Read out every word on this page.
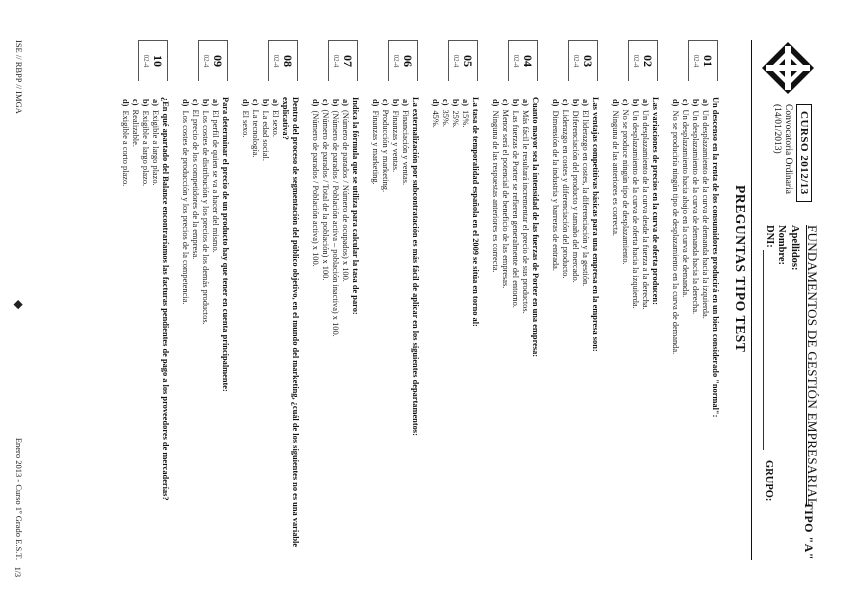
CURSO 2012/13
Convocatoria Ordinaria (14/01/2013)
FUNDAMENTOS DE GESTIÓN EMPRESARIAL
TIPO "A"
Apellidos:
Nombre:
DNI:
GRUPO:
PREGUNTAS TIPO TEST
01
02-4
Un descenso en la renta de los consumidores producirá en un bien considerado "normal":
a)Un desplazamiento de la curva de demanda hacia la izquierda.
b)Un desplazamiento de la curva de demanda hacia la derecha.
c)Un desplazamiento hacia abajo en la curva de demanda.
d)No se produciría ningún tipo de desplazamiento en la curva de demanda.
02
02-4
Las variaciones de precios en la curva de oferta producen:
a)Un desplazamiento de la curva desde la fuerza a la derecha.
b)Un desplazamiento de la curva de oferta hacia la izquierda.
c)No se produce ningún tipo de desplazamiento.
d)Ninguna de las anteriores es correcta.
03
02-4
Las ventajas competitivas básicas para una empresa en la empresa son:
a)El liderazgo en costes, la diferenciación y la gestión.
b)Diferenciación del producto y tamaño del mercado.
c)Liderazgo en costes y diferenciación del producto.
d)Dimensión de la industria y barreras de entrada.
04
02-4
Cuanto mayor sea la intensidad de las fuerzas de Porter en una empresa:
a)Más fácil le resultará incrementar el precio de sus productos.
b)Las fuerzas de Porter se refieren generalmente del entorno.
c)Menor será el potencial de beneficio de las empresas.
d)Ninguna de las respuestas anteriores es correcta.
05
02-4
La tasa de temporalidad española en el 2009 se sitúa en torno al:
a)15%.
b)25%.
c)35%.
d)45%.
06
02-4
La externalización por subcontratación es más fácil de aplicar en los siguientes departamentos:
a)Financiación y ventas.
b)Finanzas y ventas.
c)Producción y marketing.
d)Finanzas y marketing.
07
02-4
Indica la fórmula que se utiliza para calcular la tasa de paro:
a)(Número de parados / Número de ocupados) x 100.
b)(Número de parados / Población activa – población inactiva) x 100.
c)(Número de parados / Total de la población) x 100.
d)(Número de parados / Población activa) x 100.
08
02-4
Dentro del proceso de segmentación del público objetivo, en el mundo del marketing, ¿cuál de los siguientes no es una variable explicativa?
a)El sexo.
b)La edad social.
c)La tecnología.
d)El sexo.
09
02-4
Para determinar el precio de un producto hay que tener en cuenta principalmente:
a)El perfil de quien se va a hacer del mismo.
b)Los costes de distribución y los precios de los demás productos.
c)El precio de los competidores de la empresa.
d)Los costes de producción y los precios de la competencia.
10
02-4
¿En qué apartado del Balance encontraríamos las facturas pendientes de pago a los proveedores de mercaderías?
a)Exigible a largo plazo.
b)Exigible a largo plazo.
c)Realizable.
d)Exigible a corto plazo.
ISE // RBPP // IMGA
◆
Enero 2013 - Curso 1º Grado E.S.T.
1/3
